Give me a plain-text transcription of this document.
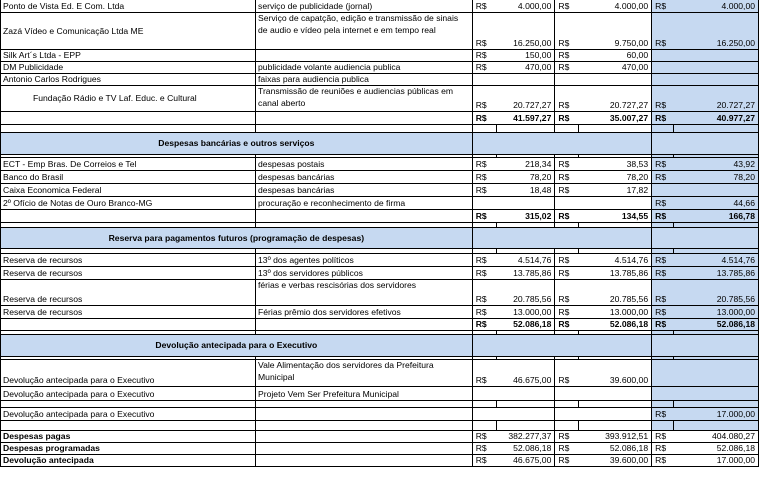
Ponto de Vista Ed. E Com. Ltda	serviço de publicidade (jornal)	R$	4.000,00	R$	4.000,00	R$	4.000,00
Zazá Vídeo e Comunicação Ltda ME	Serviço de capatção, edição e transmissão de sinais de audio e vídeo pela internet e em tempo real	R$	16.250,00	R$	9.750,00	R$	16.250,00
Silk Art´s Ltda - EPP		R$	150,00	R$	60,00		
DM Publicidade	publicidade volante audiencia publica	R$	470,00	R$	470,00		
Antonio Carlos Rodrigues	faixas para audiencia publica						
Fundação Rádio e TV Laf. Educ. e Cultural	Transmissão de reuniões e audiencias públicas em canal aberto	R$	20.727,27	R$	20.727,27	R$	20.727,27
		R$	41.597,27	R$	35.007,27	R$	40.977,27

Despesas bancárias e outros serviços							

ECT - Emp Bras. De Correios e Tel	despesas postais	R$	218,34	R$	38,53	R$	43,92
Banco do Brasil	despesas bancárias	R$	78,20	R$	78,20	R$	78,20
Caixa Economica Federal	despesas bancárias	R$	18,48	R$	17,82		
2º Ofício de Notas de Ouro Branco-MG	procuração e reconhecimento de firma					R$	44,66
		R$	315,02	R$	134,55	R$	166,78

Reserva para pagamentos futuros (programação de despesas)							

Reserva de recursos	13º dos agentes políticos	R$	4.514,76	R$	4.514,76	R$	4.514,76
Reserva de recursos	13º dos servidores públicos	R$	13.785,86	R$	13.785,86	R$	13.785,86
Reserva de recursos	férias e verbas rescisórias dos servidores	R$	20.785,56	R$	20.785,56	R$	20.785,56
Reserva de recursos	Férias prêmio dos servidores efetivos	R$	13.000,00	R$	13.000,00	R$	13.000,00
		R$	52.086,18	R$	52.086,18	R$	52.086,18

Devolução antecipada para o Executivo							

Devolução antecipada para o Executivo	Vale Alimentação dos servidores da Prefeitura Municipal	R$	46.675,00	R$	39.600,00		
Devolução antecipada para o Executivo	Projeto Vem Ser Prefeitura Municipal						

Devolução antecipada para o Executivo						R$	17.000,00

Despesas pagas		R$	382.277,37	R$	393.912,51	R$	404.080,27
Despesas programadas		R$	52.086,18	R$	52.086,18	R$	52.086,18
Devolução antecipada		R$	46.675,00	R$	39.600,00	R$	17.000,00
